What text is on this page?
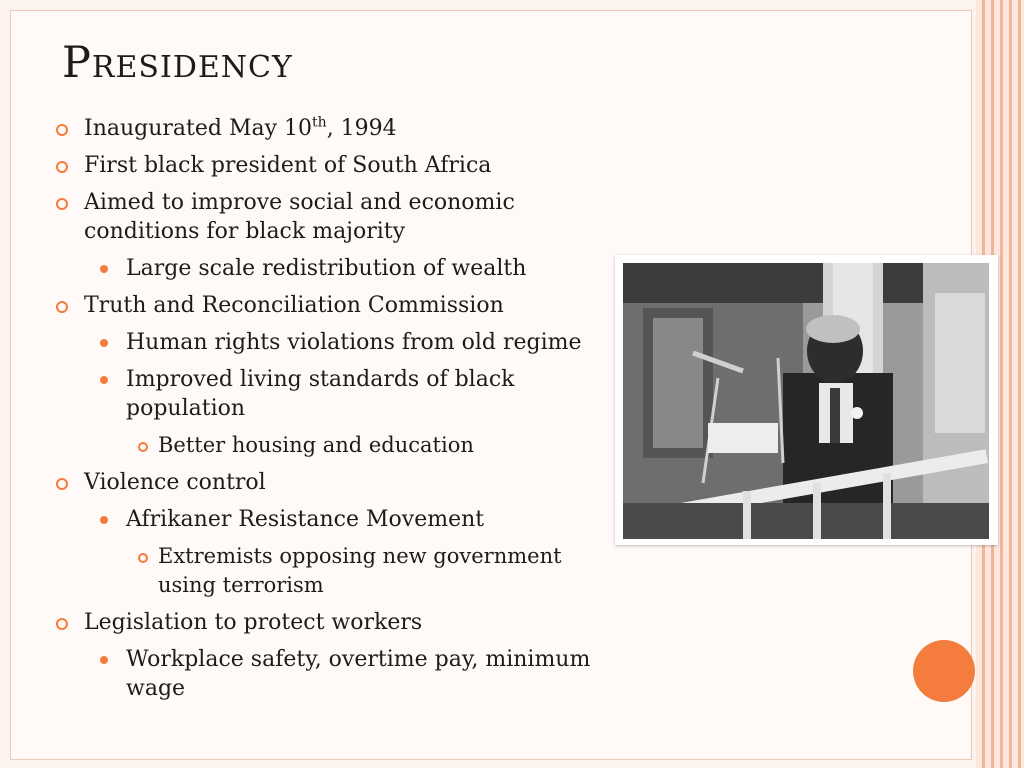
Presidency
Inaugurated May 10th, 1994
First black president of South Africa
Aimed to improve social and economic conditions for black majority
Large scale redistribution of wealth
Truth and Reconciliation Commission
Human rights violations from old regime
Improved living standards of black population
Better housing and education
Violence control
Afrikaner Resistance Movement
Extremists opposing new government using terrorism
Legislation to protect workers
Workplace safety, overtime pay, minimum wage
